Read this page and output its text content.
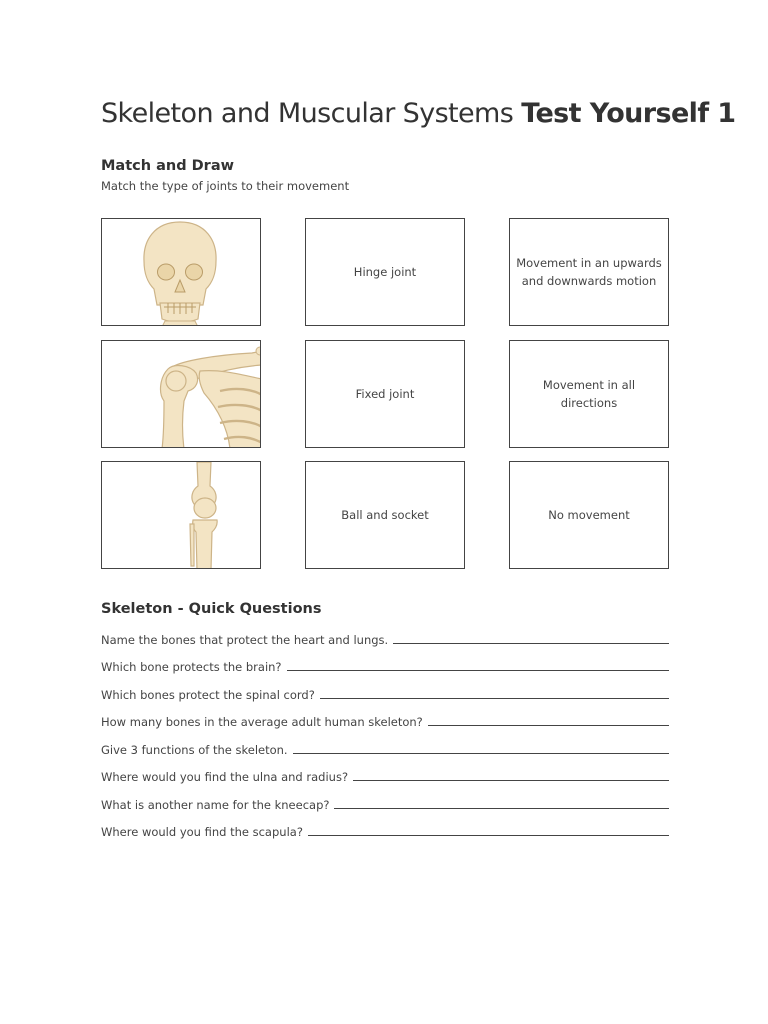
Skeleton and Muscular Systems Test Yourself 1
Match and Draw

Match the type of joints to their movement

Hinge joint
Movement in an upwards and downwards motion
Fixed joint
Movement in all directions
Ball and socket	No movement
Skeleton - Quick Questions
Name the bones that protect the heart and lungs.
Which bone protects the brain?
Which bones protect the spinal cord?
How many bones in the average adult human skeleton?
Give 3 functions of the skeleton.
Where would you find the ulna and radius?
What is another name for the kneecap?
Where would you find the scapula?
